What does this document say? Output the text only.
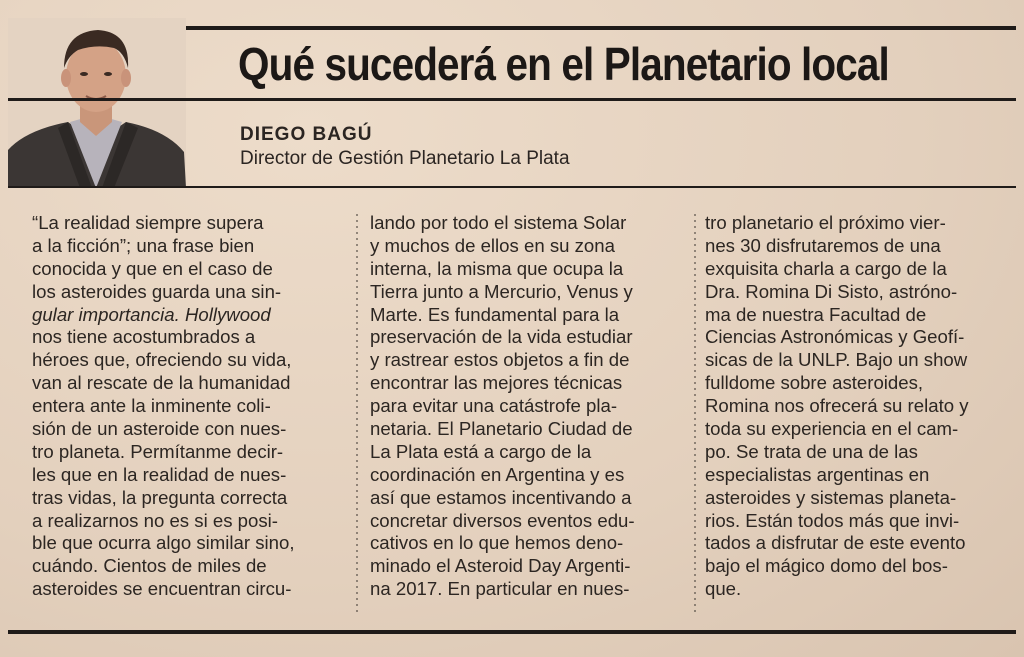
Qué sucederá en el Planetario local
DIEGO BAGÚ
Director de Gestión Planetario La Plata
“La realidad siempre supera
a la ficción”; una frase bien
conocida y que en el caso de
los asteroides guarda una sin-
gular importancia. Hollywood
nos tiene acostumbrados a
héroes que, ofreciendo su vida,
van al rescate de la humanidad
entera ante la inminente coli-
sión de un asteroide con nues-
tro planeta. Permítanme decir-
les que en la realidad de nues-
tras vidas, la pregunta correcta
a realizarnos no es si es posi-
ble que ocurra algo similar sino,
cuándo. Cientos de miles de
asteroides se encuentran circu-
lando por todo el sistema Solar
y muchos de ellos en su zona
interna, la misma que ocupa la
Tierra junto a Mercurio, Venus y
Marte. Es fundamental para la
preservación de la vida estudiar
y rastrear estos objetos a fin de
encontrar las mejores técnicas
para evitar una catástrofe pla-
netaria. El Planetario Ciudad de
La Plata está a cargo de la
coordinación en Argentina y es
así que estamos incentivando a
concretar diversos eventos edu-
cativos en lo que hemos deno-
minado el Asteroid Day Argenti-
na 2017. En particular en nues-
tro planetario el próximo vier-
nes 30 disfrutaremos de una
exquisita charla a cargo de la
Dra. Romina Di Sisto, astróno-
ma de nuestra Facultad de
Ciencias Astronómicas y Geofí-
sicas de la UNLP. Bajo un show
fulldome sobre asteroides,
Romina nos ofrecerá su relato y
toda su experiencia en el cam-
po. Se trata de una de las
especialistas argentinas en
asteroides y sistemas planeta-
rios. Están todos más que invi-
tados a disfrutar de este evento
bajo el mágico domo del bos-
que.
